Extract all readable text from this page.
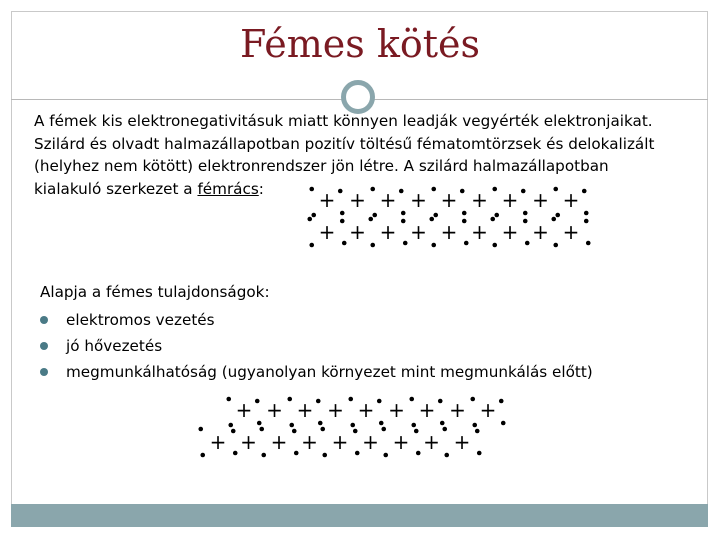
Fémes kötés

A fémek kis elektronegativitásuk miatt könnyen leadják vegyérték elektronjaikat.

Szilárd és olvadt halmazállapotban pozitív töltésű fématomtörzsek és delokalizált

(helyhez nem kötött) elektronrendszer jön létre. A szilárd halmazállapotban

kialakuló szerkezet a fémrács:	+ + + + + + + + +
+ + + + + + + + +

Alapja a fémes tulajdonságok:

elektromos vezetés
jó hővezetés
megmunkálhatóság (ugyanolyan környezet mint megmunkálás előtt)
+ + + + + + + + +
+ + + + + + + + +
